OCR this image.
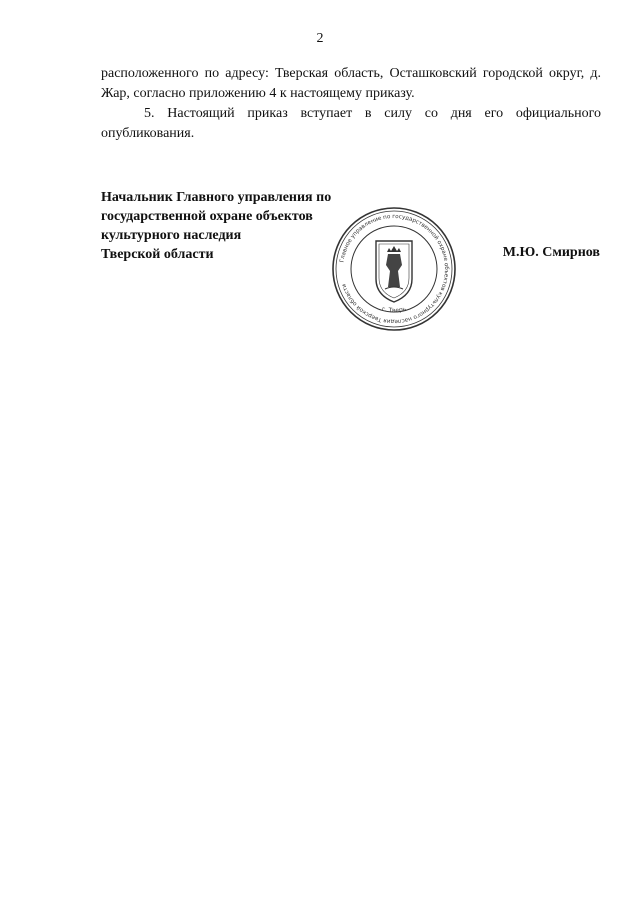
2

расположенного по адресу: Тверская область, Осташковский городской округ, д. Жар, согласно приложению 4 к настоящему приказу.

5. Настоящий приказ вступает в силу со дня его официального опубликования.

Начальник Главного управления по
государственной охране объектов
культурного наследия
Тверской области	М.Ю. Смирнов
Главное управление по государственной охране объектов культурного наследия Тверской области
г. Тверь
